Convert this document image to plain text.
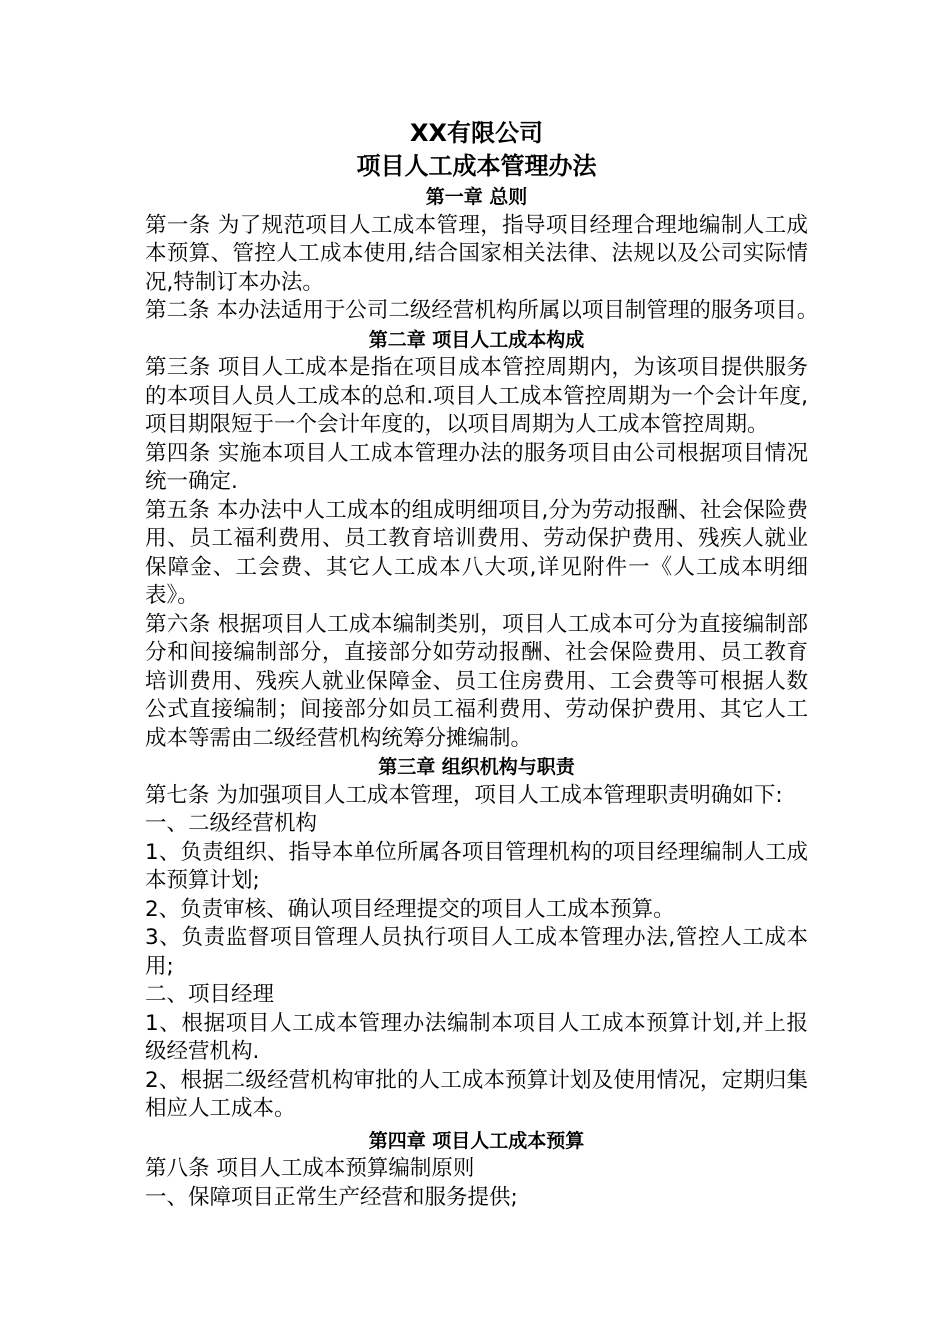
XX有限公司
项目人工成本管理办法
第一章 总则
第一条 为了规范项目人工成本管理，指导项目经理合理地编制人工成
本预算、管控人工成本使用,结合国家相关法律、法规以及公司实际情
况,特制订本办法。
第二条 本办法适用于公司二级经营机构所属以项目制管理的服务项目。
第二章 项目人工成本构成
第三条 项目人工成本是指在项目成本管控周期内，为该项目提供服务
的本项目人员人工成本的总和.项目人工成本管控周期为一个会计年度,
项目期限短于一个会计年度的，以项目周期为人工成本管控周期。
第四条 实施本项目人工成本管理办法的服务项目由公司根据项目情况
统一确定.
第五条 本办法中人工成本的组成明细项目,分为劳动报酬、社会保险费
用、员工福利费用、员工教育培训费用、劳动保护费用、残疾人就业
保障金、工会费、其它人工成本八大项,详见附件一《人工成本明细
表》。
第六条 根据项目人工成本编制类别，项目人工成本可分为直接编制部
分和间接编制部分，直接部分如劳动报酬、社会保险费用、员工教育
培训费用、残疾人就业保障金、员工住房费用、工会费等可根据人数
公式直接编制；间接部分如员工福利费用、劳动保护费用、其它人工
成本等需由二级经营机构统筹分摊编制。
第三章 组织机构与职责
第七条 为加强项目人工成本管理，项目人工成本管理职责明确如下:
一、二级经营机构
1、负责组织、指导本单位所属各项目管理机构的项目经理编制人工成
本预算计划;
2、负责审核、确认项目经理提交的项目人工成本预算。
3、负责监督项目管理人员执行项目人工成本管理办法,管控人工成本
用;
二、项目经理
1、根据项目人工成本管理办法编制本项目人工成本预算计划,并上报
级经营机构.
2、根据二级经营机构审批的人工成本预算计划及使用情况，定期归集
相应人工成本。
第四章 项目人工成本预算
第八条 项目人工成本预算编制原则
一、保障项目正常生产经营和服务提供;
